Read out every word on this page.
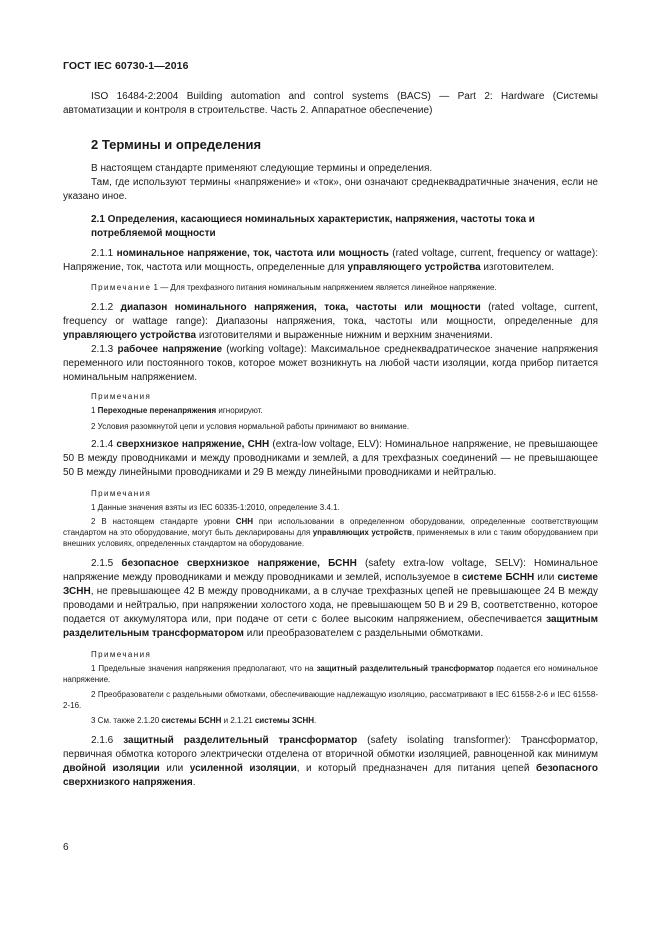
ГОСТ IEC 60730-1—2016

ISO 16484-2:2004 Building automation and control systems (BACS) — Part 2: Hardware (Системы автоматизации и контроля в строительстве. Часть 2. Аппаратное обеспечение)

2 Термины и определения

В настоящем стандарте применяют следующие термины и определения.

Там, где используют термины «напряжение» и «ток», они означают среднеквадратичные значения, если не указано иное.

2.1 Определения, касающиеся номинальных характеристик, напряжения, частоты тока и потребляемой мощности

2.1.1 номинальное напряжение, ток, частота или мощность (rated voltage, current, frequency or wattage): Напряжение, ток, частота или мощность, определенные для управляющего устройства изготовителем.

Примечание 1 — Для трехфазного питания номинальным напряжением является линейное напряжение.

2.1.2 диапазон номинального напряжения, тока, частоты или мощности (rated voltage, current, frequency or wattage range): Диапазоны напряжения, тока, частоты или мощности, определенные для управляющего устройства изготовителями и выраженные нижним и верхним значениями.

2.1.3 рабочее напряжение (working voltage): Максимальное среднеквадратическое значение напряжения переменного или постоянного токов, которое может возникнуть на любой части изоляции, когда прибор питается номинальным напряжением.

Примечания

1 Переходные перенапряжения игнорируют.

2 Условия разомкнутой цепи и условия нормальной работы принимают во внимание.

2.1.4 сверхнизкое напряжение, СНН (extra-low voltage, ELV): Номинальное напряжение, не превышающее 50 В между проводниками и между проводниками и землей, а для трехфазных соединений — не превышающее 50 В между линейными проводниками и 29 В между линейными проводниками и нейтралью.

Примечания

1 Данные значения взяты из IEC 60335-1:2010, определение 3.4.1.

2 В настоящем стандарте уровни СНН при использовании в определенном оборудовании, определенные соответствующим стандартом на это оборудование, могут быть декларированы для управляющих устройств, применяемых в или с таким оборудованием при внешних условиях, определенных стандартом на оборудование.

2.1.5 безопасное сверхнизкое напряжение, БСНН (safety extra-low voltage, SELV): Номинальное напряжение между проводниками и между проводниками и землей, используемое в системе БСНН или системе ЗСНН, не превышающее 42 В между проводниками, а в случае трехфазных цепей не превышающее 24 В между проводами и нейтралью, при напряжении холостого хода, не превышающем 50 В и 29 В, соответственно, которое подается от аккумулятора или, при подаче от сети с более высоким напряжением, обеспечивается защитным разделительным трансформатором или преобразователем с раздельными обмотками.

Примечания

1 Предельные значения напряжения предполагают, что на защитный разделительный трансформатор подается его номинальное напряжение.

2 Преобразователи с раздельными обмотками, обеспечивающие надлежащую изоляцию, рассматривают в IEC 61558-2-6 и IEC 61558-2-16.

3 См. также 2.1.20 системы БСНН и 2.1.21 системы ЗСНН.

2.1.6 защитный разделительный трансформатор (safety isolating transformer): Трансформатор, первичная обмотка которого электрически отделена от вторичной обмотки изоляцией, равноценной как минимум двойной изоляции или усиленной изоляции, и который предназначен для питания цепей безопасного сверхнизкого напряжения.

6
